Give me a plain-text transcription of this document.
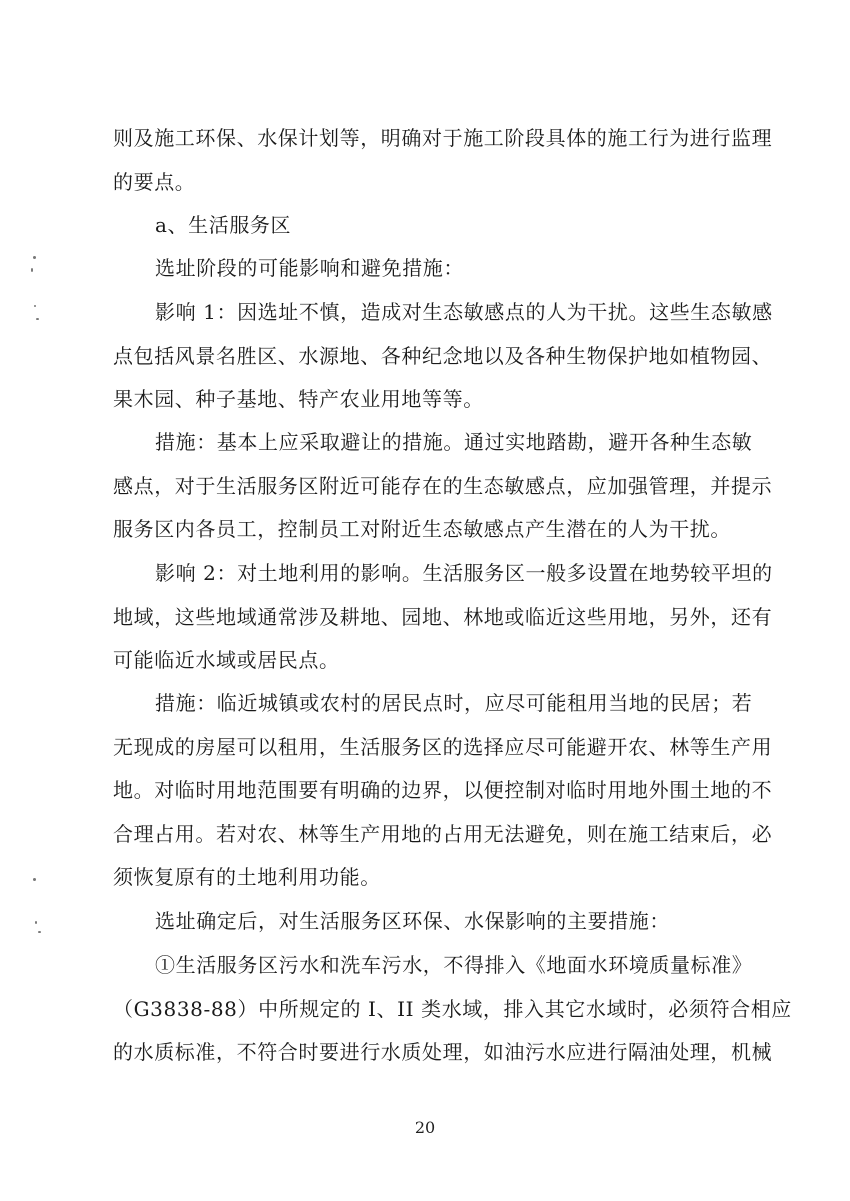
则及施工环保、水保计划等，明确对于施工阶段具体的施工行为进行监理
的要点。

a、生活服务区

选址阶段的可能影响和避免措施：

影响 1：因选址不慎，造成对生态敏感点的人为干扰。这些生态敏感
点包括风景名胜区、水源地、各种纪念地以及各种生物保护地如植物园、
果木园、种子基地、特产农业用地等等。

措施：基本上应采取避让的措施。通过实地踏勘，避开各种生态敏
感点，对于生活服务区附近可能存在的生态敏感点，应加强管理，并提示
服务区内各员工，控制员工对附近生态敏感点产生潜在的人为干扰。

影响 2：对土地利用的影响。生活服务区一般多设置在地势较平坦的
地域，这些地域通常涉及耕地、园地、林地或临近这些用地，另外，还有
可能临近水域或居民点。

措施：临近城镇或农村的居民点时，应尽可能租用当地的民居；若
无现成的房屋可以租用，生活服务区的选择应尽可能避开农、林等生产用
地。对临时用地范围要有明确的边界，以便控制对临时用地外围土地的不
合理占用。若对农、林等生产用地的占用无法避免，则在施工结束后，必
须恢复原有的土地利用功能。

选址确定后，对生活服务区环保、水保影响的主要措施：

①生活服务区污水和洗车污水，不得排入《地面水环境质量标准》
（G3838-88）中所规定的 I、II 类水域，排入其它水域时，必须符合相应
的水质标准，不符合时要进行水质处理，如油污水应进行隔油处理，机械

20
